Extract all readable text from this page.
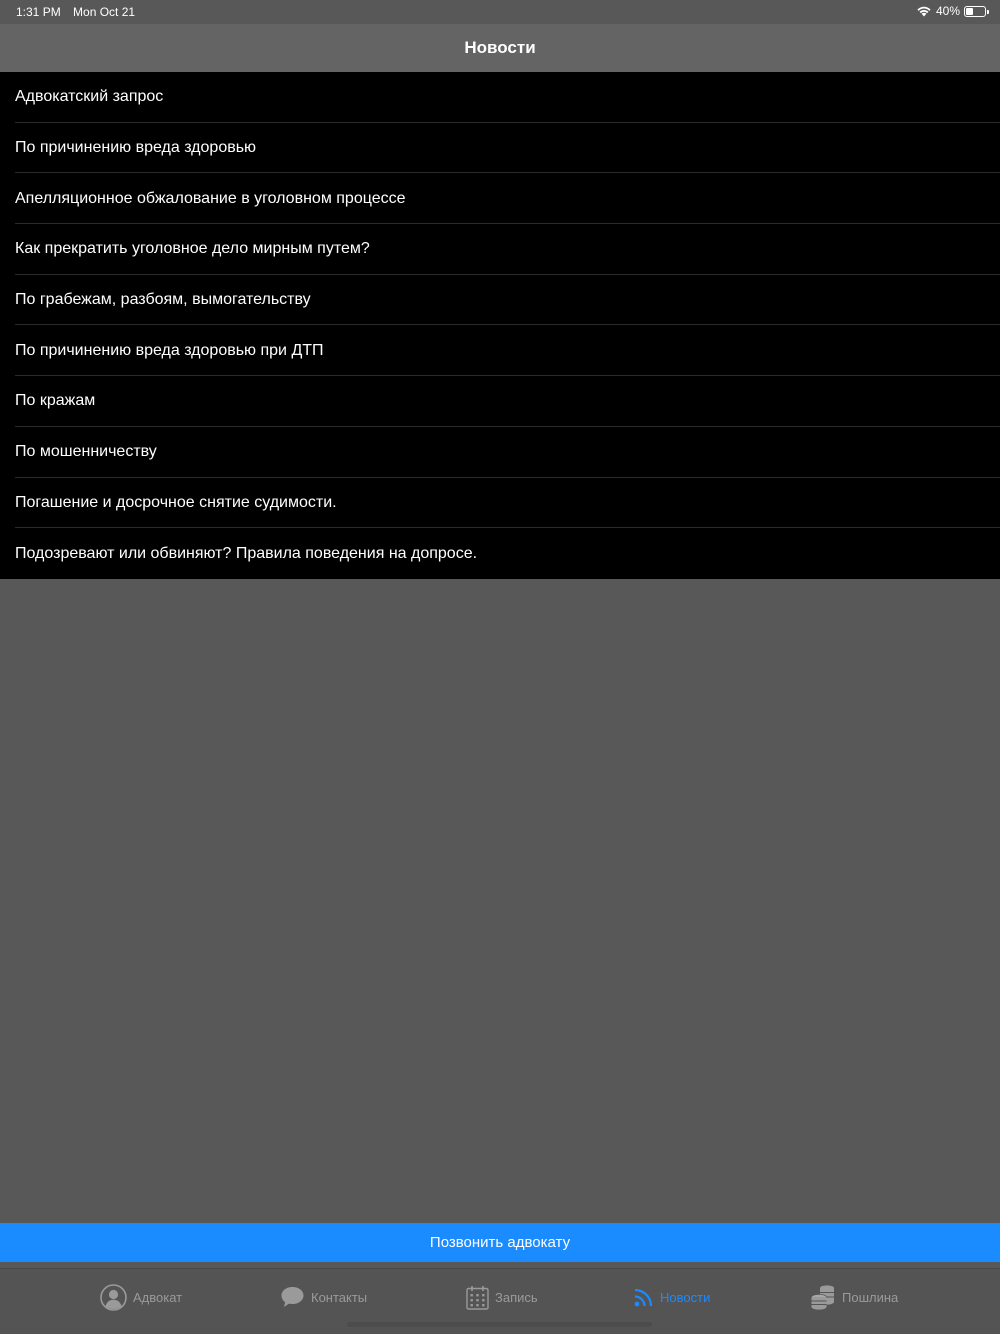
1:31 PM Mon Oct 21	40%
Новости
Адвокатский запрос
По причинению вреда здоровью
Апелляционное обжалование в уголовном процессе
Как прекратить уголовное дело мирным путем?
По грабежам, разбоям, вымогательству
По причинению вреда здоровью при ДТП
По кражам
По мошенничеству
Погашение и досрочное снятие судимости.
Подозревают или обвиняют? Правила поведения на допросе.
Позвонить адвокату
Адвокат	Контакты	Запись	Новости	Пошлина
